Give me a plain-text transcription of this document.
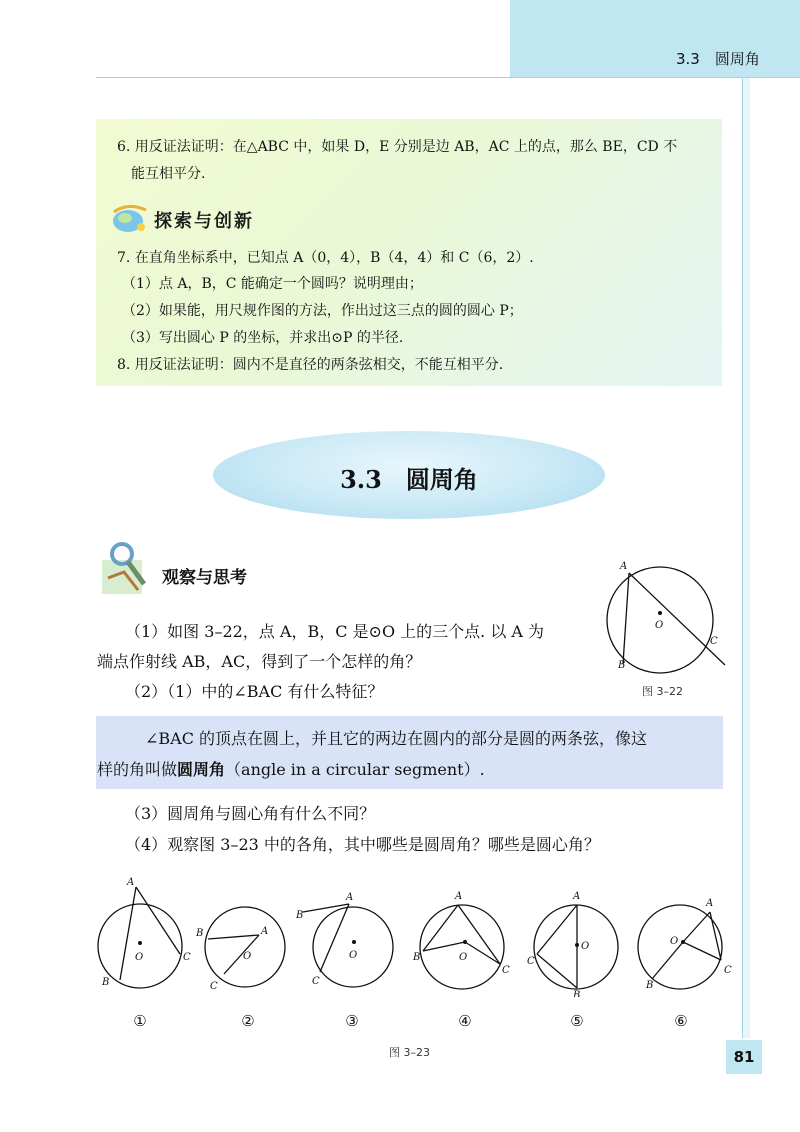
3.3　圆周角
6. 用反证法证明：在△ABC 中，如果 D，E 分别是边 AB，AC 上的点，那么 BE，CD 不
能互相平分.
探索与创新
7. 在直角坐标系中，已知点 A（0，4），B（4，4）和 C（6，2）.
（1）点 A，B，C 能确定一个圆吗？说明理由；
（2）如果能，用尺规作图的方法，作出过这三点的圆的圆心 P；
（3）写出圆心 P 的坐标，并求出⊙P 的半径.
8. 用反证法证明：圆内不是直径的两条弦相交，不能互相平分.
3.3　圆周角
观察与思考
（1）如图 3–22，点 A，B，C 是⊙O 上的三个点. 以 A 为
端点作射线 AB，AC，得到了一个怎样的角？
（2）（1）中的∠BAC 有什么特征？
A
O
C
B
图 3–22
∠BAC 的顶点在圆上，并且它的两边在圆内的部分是圆的两条弦，像这
样的角叫做圆周角（angle in a circular segment）.
（3）圆周角与圆心角有什么不同？
（4）观察图 3–23 中的各角，其中哪些是圆周角？哪些是圆心角？
A
O	C
B
B	A
O
C
A
B
O
C
A
B	O
C
A
O
C
B
A
O
C
B
①	②	③	④	⑤	⑥
图 3–23	81
